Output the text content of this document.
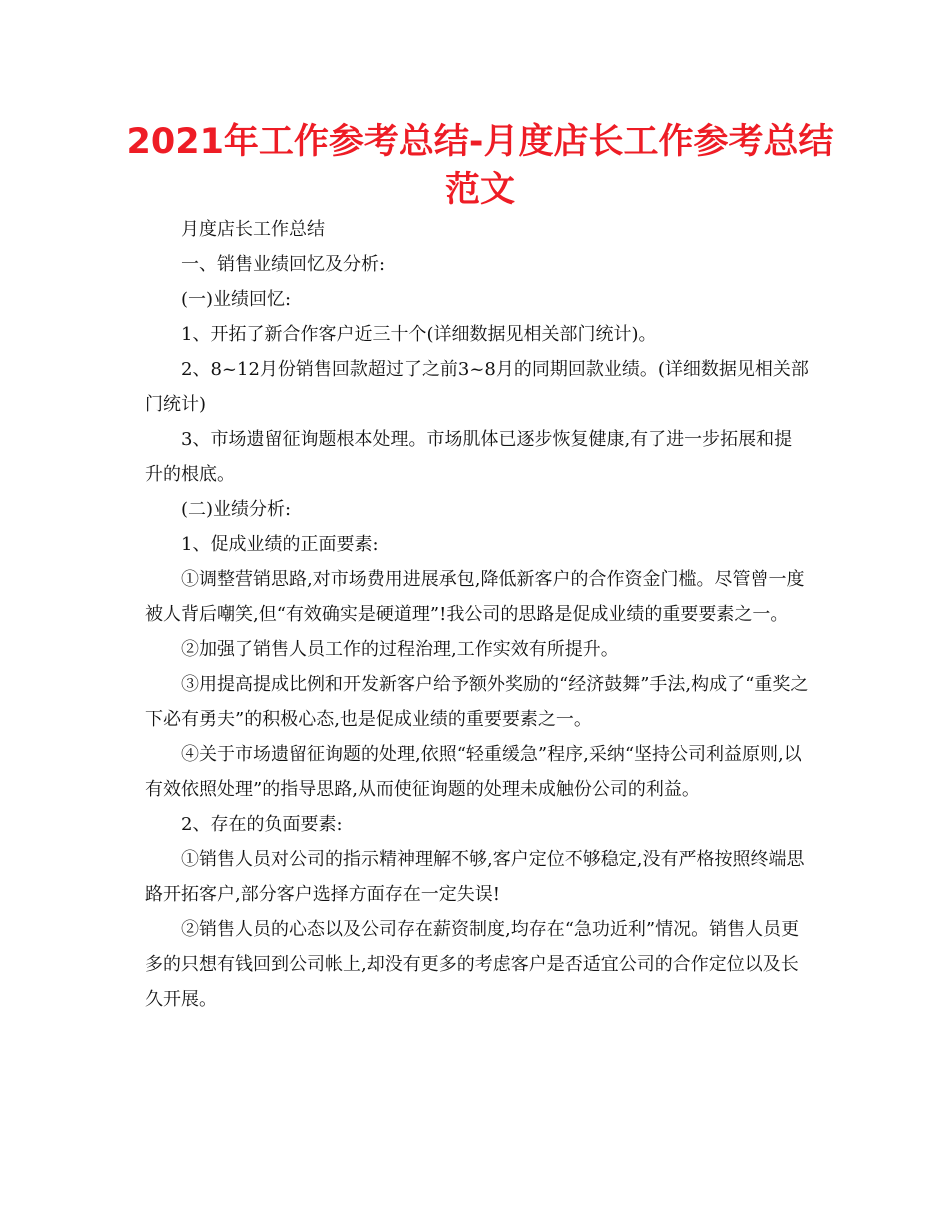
2021年工作参考总结-月度店长工作参考总结范文

月度店长工作总结

一、销售业绩回忆及分析:

(一)业绩回忆:

1、开拓了新合作客户近三十个(详细数据见相关部门统计)。

2、8~12月份销售回款超过了之前3~8月的同期回款业绩。(详细数据见相关部门统计)

3、市场遗留征询题根本处理。市场肌体已逐步恢复健康,有了进一步拓展和提升的根底。

(二)业绩分析:

1、促成业绩的正面要素:

①调整营销思路,对市场费用进展承包,降低新客户的合作资金门槛。尽管曾一度被人背后嘲笑,但“有效确实是硬道理”!我公司的思路是促成业绩的重要要素之一。

②加强了销售人员工作的过程治理,工作实效有所提升。

③用提高提成比例和开发新客户给予额外奖励的“经济鼓舞”手法,构成了“重奖之下必有勇夫”的积极心态,也是促成业绩的重要要素之一。

④关于市场遗留征询题的处理,依照“轻重缓急”程序,采纳“坚持公司利益原则,以有效依照处理”的指导思路,从而使征询题的处理未成触份公司的利益。

2、存在的负面要素:

①销售人员对公司的指示精神理解不够,客户定位不够稳定,没有严格按照终端思路开拓客户,部分客户选择方面存在一定失误!

②销售人员的心态以及公司存在薪资制度,均存在“急功近利”情况。销售人员更多的只想有钱回到公司帐上,却没有更多的考虑客户是否适宜公司的合作定位以及长久开展。
